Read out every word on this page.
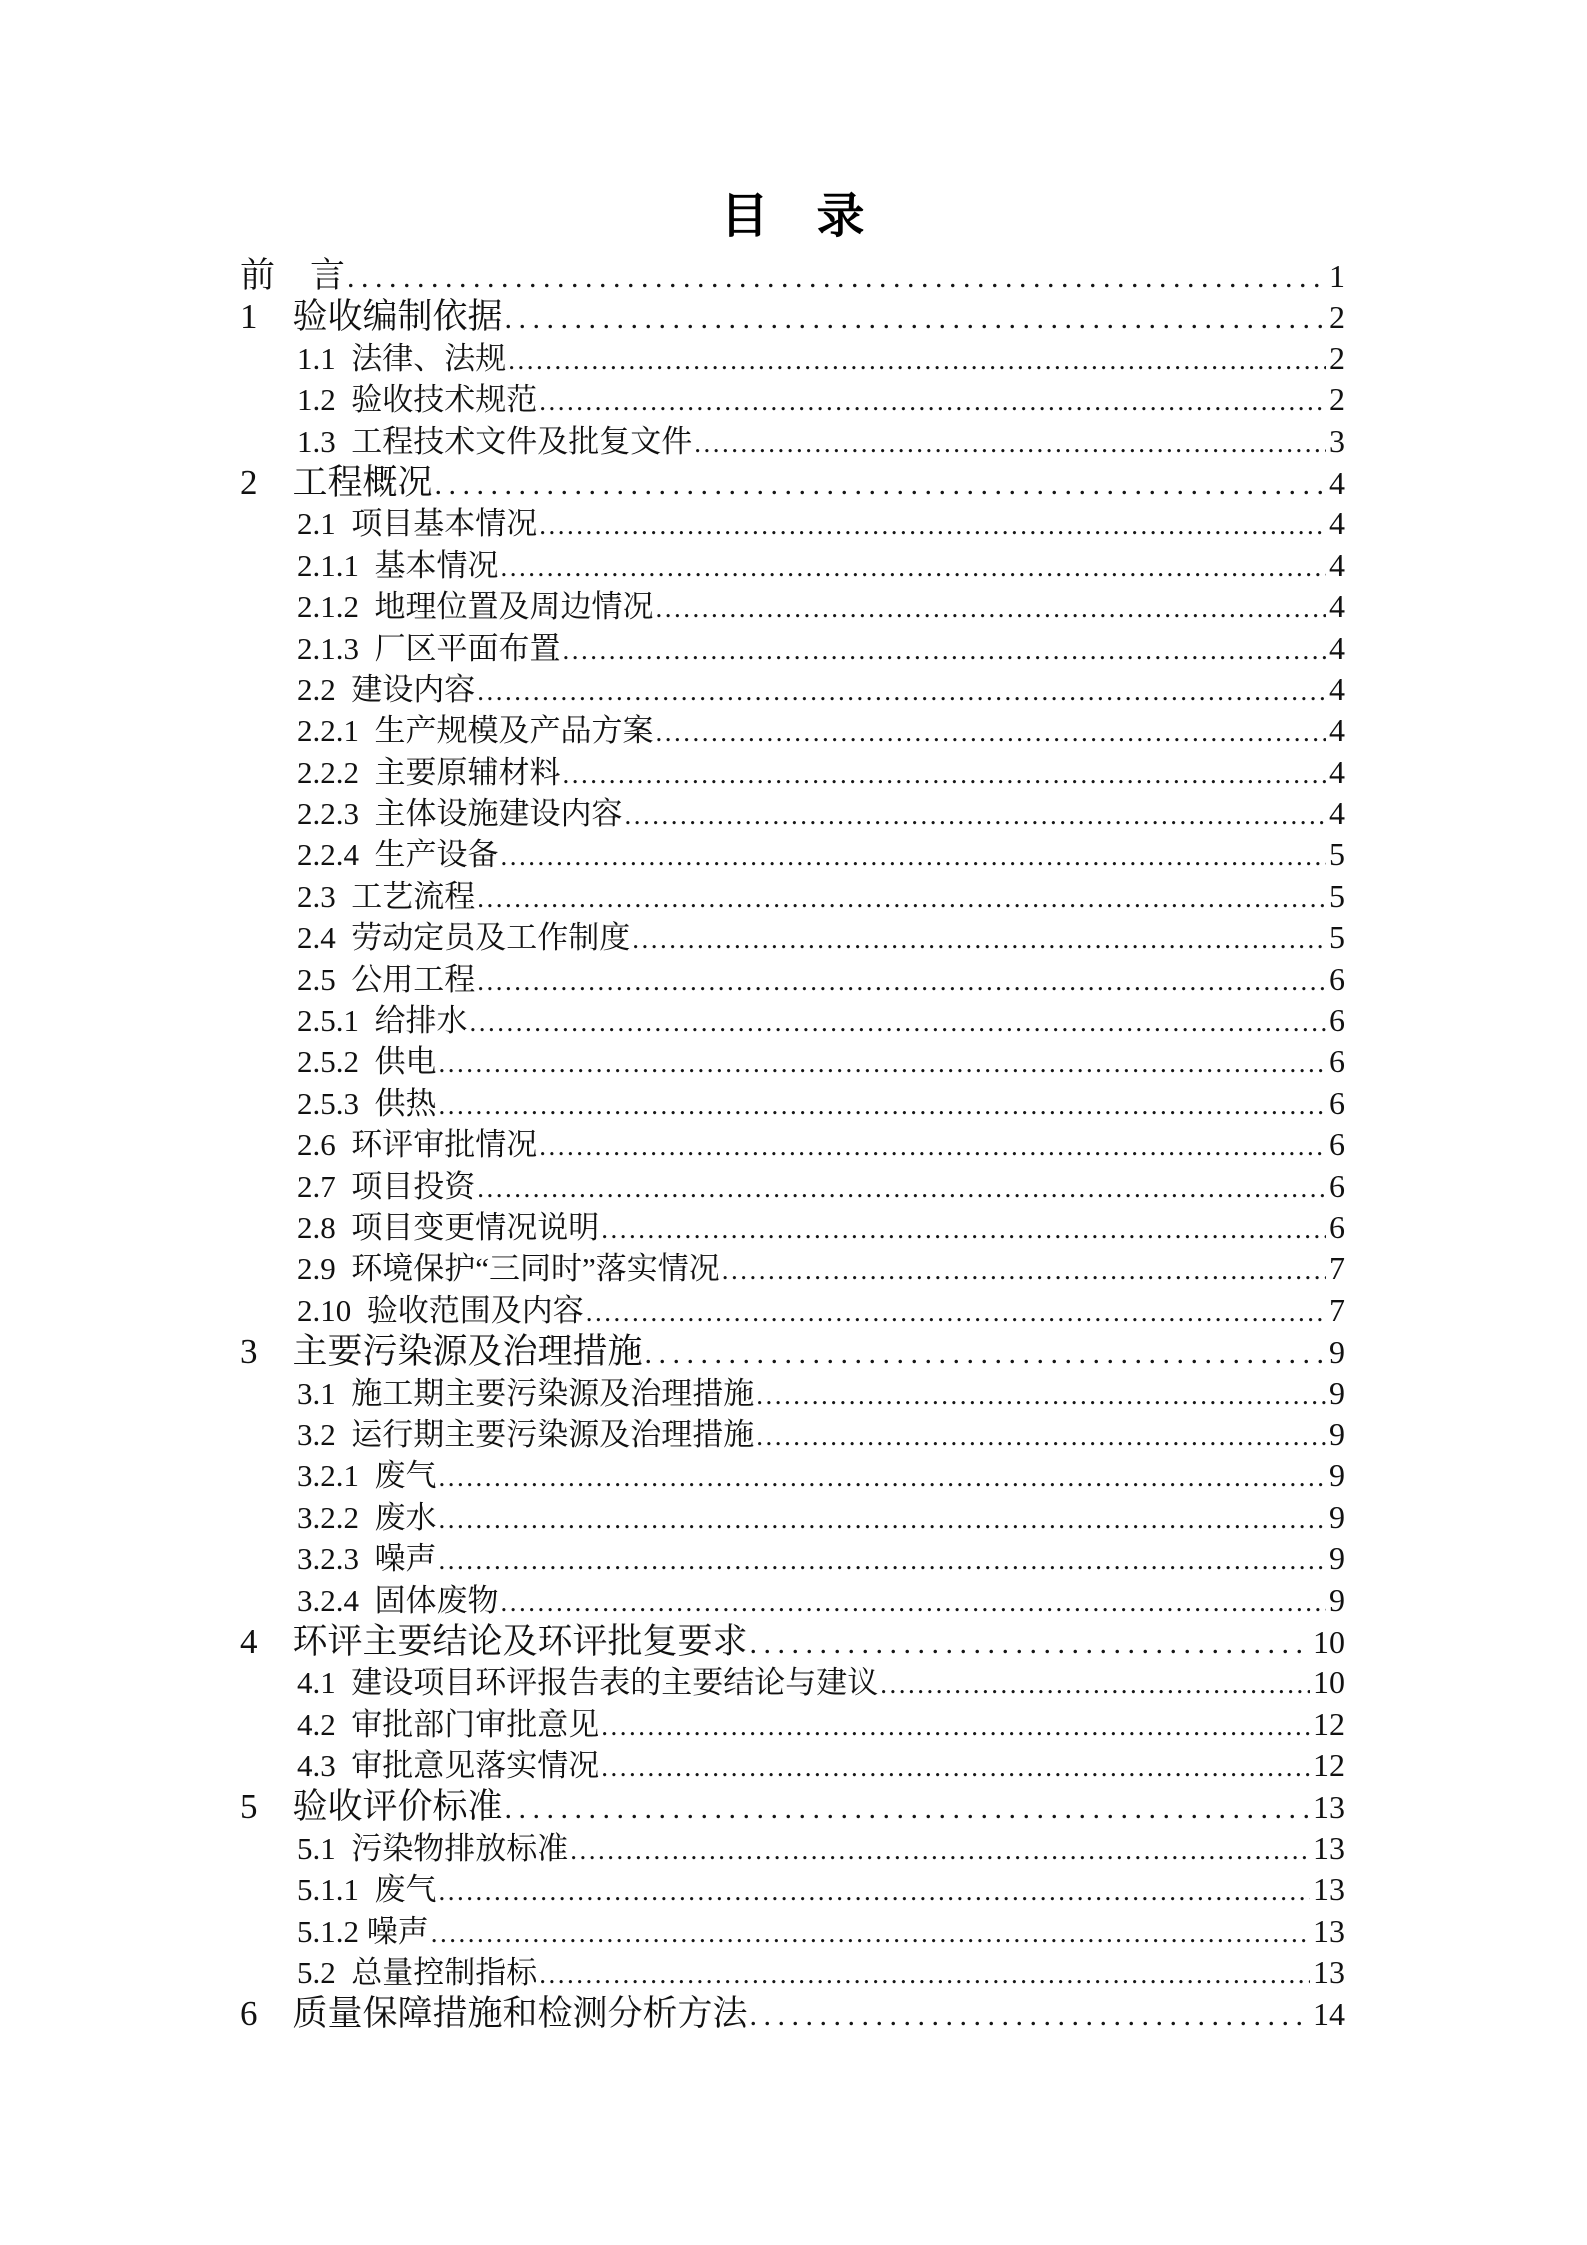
目　录
前　言 .....	1
1　验收编制依据 .....	2
1.1  法律、法规 .....	2
1.2  验收技术规范 .....	2
1.3  工程技术文件及批复文件 .....	3
2　工程概况 .....	4
2.1  项目基本情况 .....	4
2.1.1  基本情况 .....	4
2.1.2  地理位置及周边情况 .....	4
2.1.3  厂区平面布置 .....	4
2.2  建设内容 .....	4
2.2.1  生产规模及产品方案 .....	4
2.2.2  主要原辅材料 .....	4
2.2.3  主体设施建设内容 .....	4
2.2.4  生产设备 .....	5
2.3  工艺流程 .....	5
2.4  劳动定员及工作制度 .....	5
2.5  公用工程 .....	6
2.5.1  给排水 .....	6
2.5.2  供电 .....	6
2.5.3  供热 .....	6
2.6  环评审批情况 .....	6
2.7  项目投资 .....	6
2.8  项目变更情况说明 .....	6
2.9  环境保护“三同时”落实情况 .....	7
2.10  验收范围及内容 .....	7
3　主要污染源及治理措施 .....	9
3.1  施工期主要污染源及治理措施 .....	9
3.2  运行期主要污染源及治理措施 .....	9
3.2.1  废气 .....	9
3.2.2  废水 .....	9
3.2.3  噪声 .....	9
3.2.4  固体废物 .....	9
4　环评主要结论及环评批复要求 .....	10
4.1  建设项目环评报告表的主要结论与建议 .....	10
4.2  审批部门审批意见 .....	12
4.3  审批意见落实情况 .....	12
5　验收评价标准 .....	13
5.1  污染物排放标准 .....	13
5.1.1  废气 .....	13
5.1.2 噪声 .....	13
5.2  总量控制指标 .....	13
6　质量保障措施和检测分析方法 .....	14
